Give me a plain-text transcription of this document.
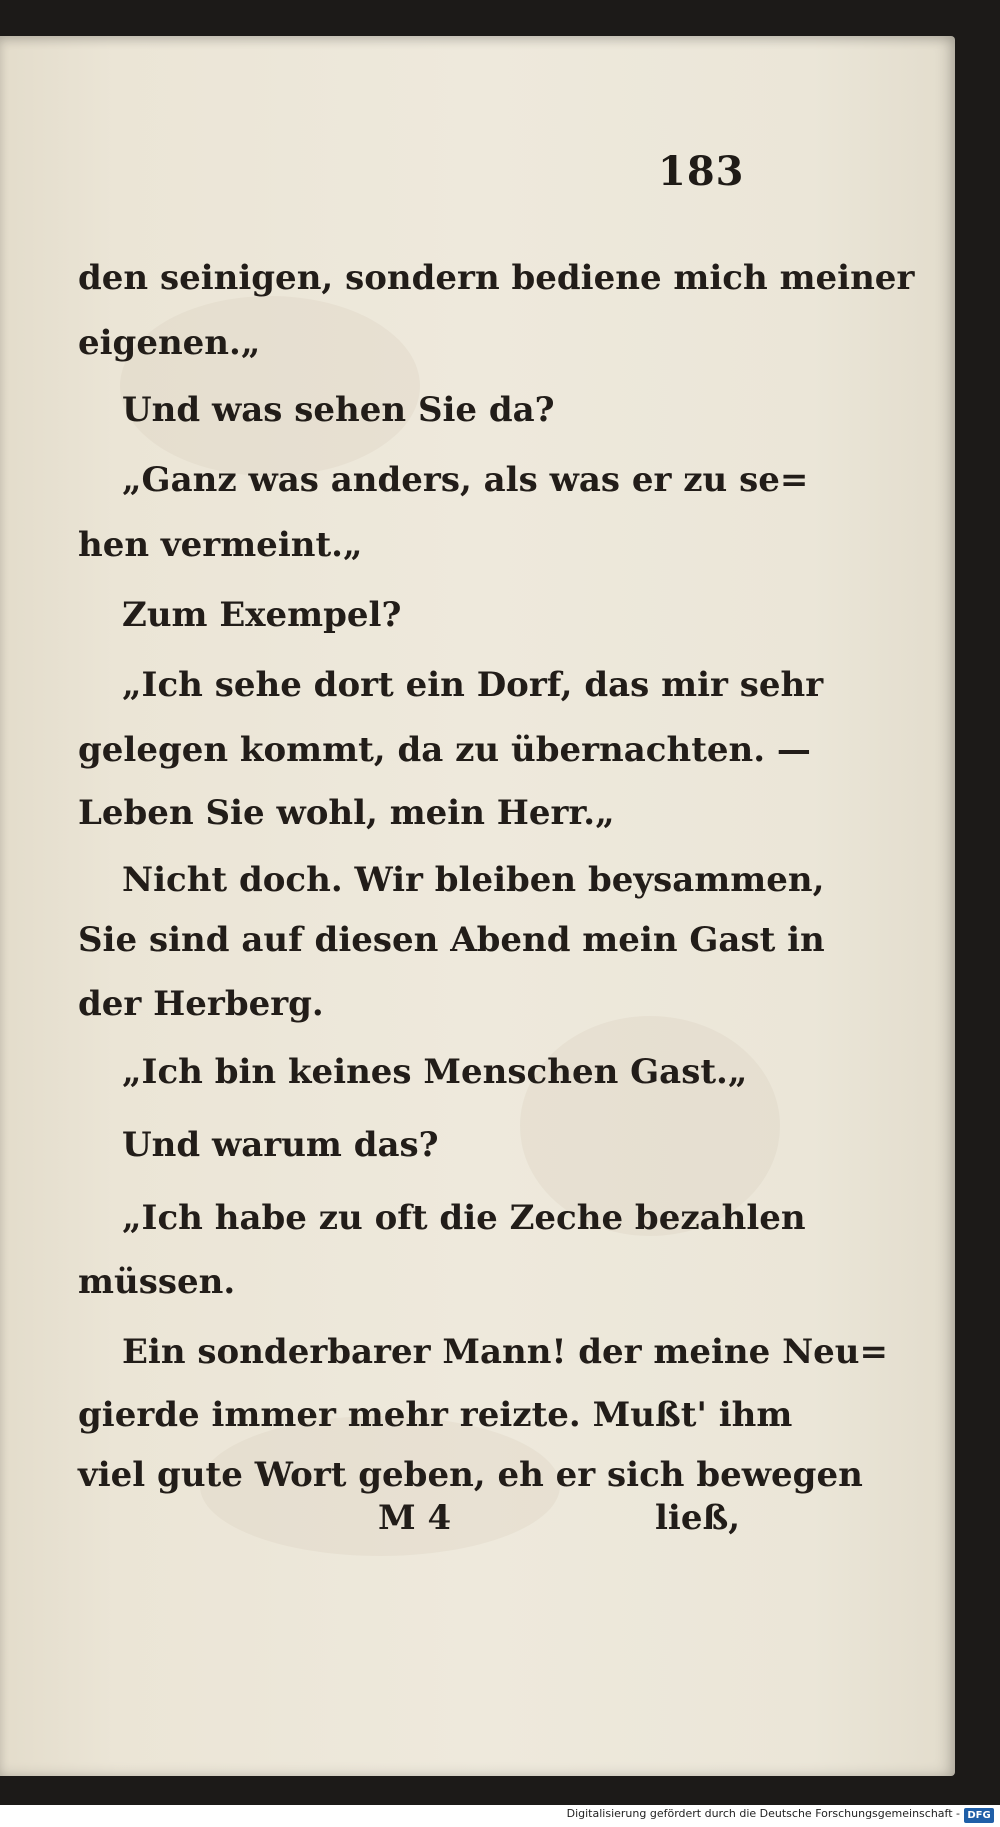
183
den seinigen, sondern bediene mich meiner
eigenen.„
Und was sehen Sie da?
„Ganz was anders, als was er zu se=
hen vermeint.„
Zum Exempel?
„Ich sehe dort ein Dorf, das mir sehr
gelegen kommt, da zu übernachten. —
Leben Sie wohl, mein Herr.„
Nicht doch. Wir bleiben beysammen,
Sie sind auf diesen Abend mein Gast in
der Herberg.
„Ich bin keines Menschen Gast.„
Und warum das?
„Ich habe zu oft die Zeche bezahlen
müssen.
Ein sonderbarer Mann! der meine Neu=
gierde immer mehr reizte. Mußt' ihm
viel gute Wort geben, eh er sich bewegen
M 4	ließ,
Digitalisierung gefördert durch die Deutsche Forschungsgemeinschaft - DFG
